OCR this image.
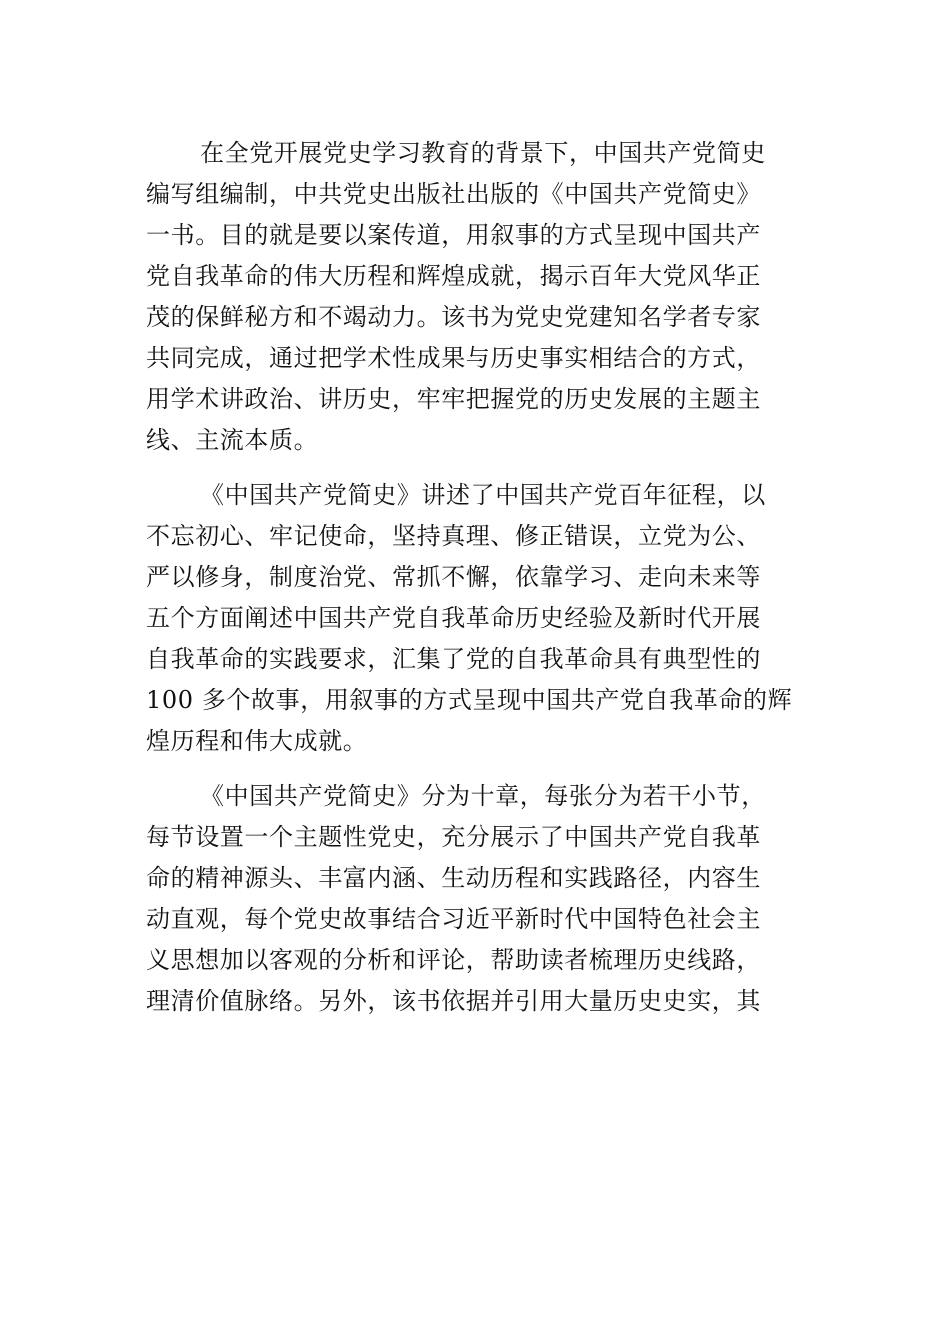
在全党开展党史学习教育的背景下，中国共产党简史
编写组编制，中共党史出版社出版的《中国共产党简史》
一书。目的就是要以案传道，用叙事的方式呈现中国共产
党自我革命的伟大历程和辉煌成就，揭示百年大党风华正
茂的保鲜秘方和不竭动力。该书为党史党建知名学者专家
共同完成，通过把学术性成果与历史事实相结合的方式，
用学术讲政治、讲历史，牢牢把握党的历史发展的主题主
线、主流本质。
《中国共产党简史》讲述了中国共产党百年征程，以
不忘初心、牢记使命，坚持真理、修正错误，立党为公、
严以修身，制度治党、常抓不懈，依靠学习、走向未来等
五个方面阐述中国共产党自我革命历史经验及新时代开展
自我革命的实践要求，汇集了党的自我革命具有典型性的
100 多个故事，用叙事的方式呈现中国共产党自我革命的辉
煌历程和伟大成就。
《中国共产党简史》分为十章，每张分为若干小节，
每节设置一个主题性党史，充分展示了中国共产党自我革
命的精神源头、丰富内涵、生动历程和实践路径，内容生
动直观，每个党史故事结合习近平新时代中国特色社会主
义思想加以客观的分析和评论，帮助读者梳理历史线路，
理清价值脉络。另外，该书依据并引用大量历史史实，其
